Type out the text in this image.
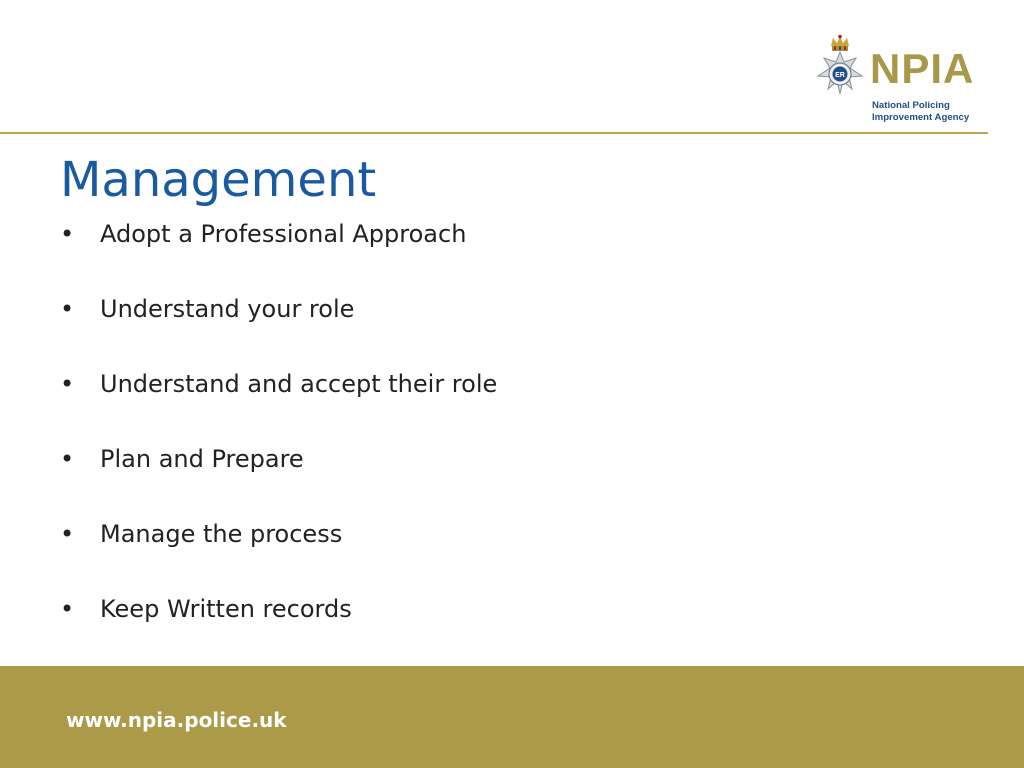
ER NPIA
National Policing
Improvement Agency
Management
•	Adopt a Professional Approach
•	Understand your role
•	Understand and accept their role
•	Plan and Prepare
•	Manage the process
•	Keep Written records
www.npia.police.uk
